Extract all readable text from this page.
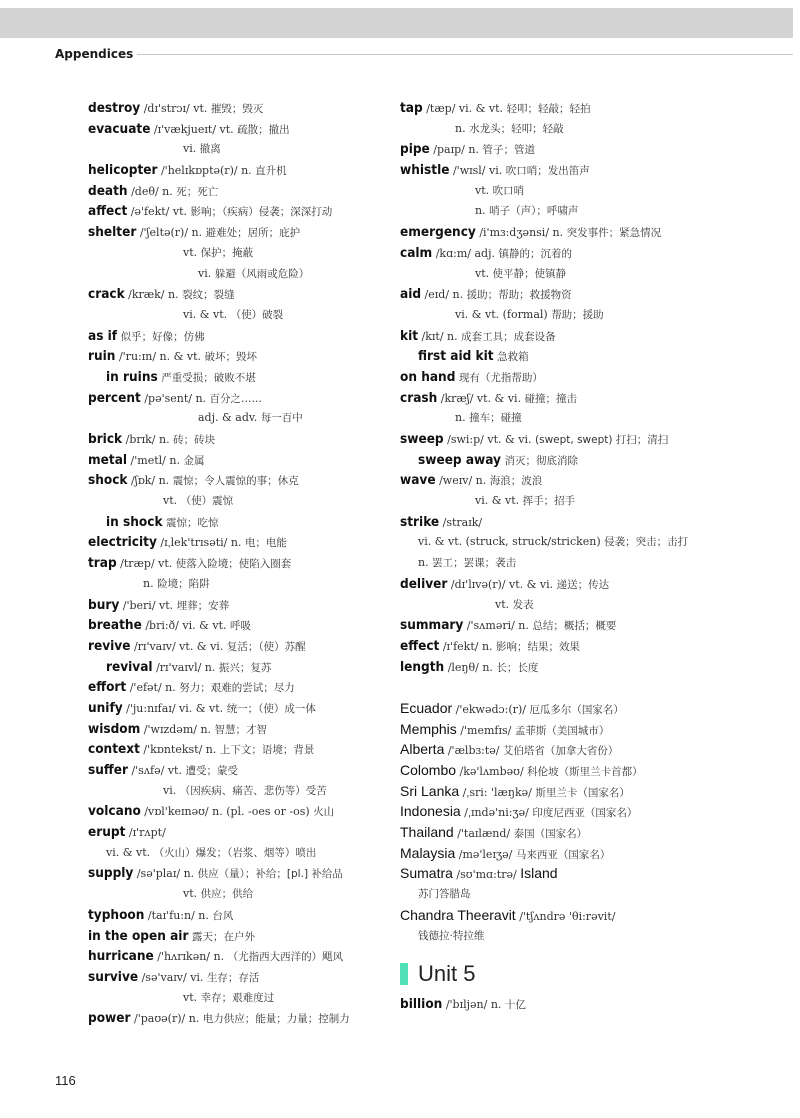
Appendices
destroy /dɪ'strɔɪ/ vt. 摧毁；毁灭
evacuate /ɪ'vækjueɪt/ vt. 疏散；撤出
vi. 撤离
helicopter /'helɪkɒptə(r)/ n. 直升机
death /deθ/ n. 死；死亡
affect /ə'fekt/ vt. 影响；（疾病）侵袭；深深打动
shelter /'ʃeltə(r)/ n. 避难处；居所；庇护
vt. 保护；掩蔽
vi. 躲避（风雨或危险）
crack /kræk/ n. 裂纹；裂缝
vi. & vt. （使）破裂
as if 似乎；好像；仿佛
ruin /'ru:ɪn/ n. & vt. 破坏；毁坏
in ruins 严重受损；破败不堪
percent /pə'sent/ n. 百分之……
adj. & adv. 每一百中
brick /brɪk/ n. 砖；砖块
metal /'metl/ n. 金属
shock /ʃɒk/ n. 震惊；令人震惊的事；休克
vt. （使）震惊
in shock 震惊；吃惊
electricity /ɪˌlek'trɪsəti/ n. 电；电能
trap /træp/ vt. 使落入险境；使陷入圈套
n. 险境；陷阱
bury /'beri/ vt. 埋葬；安葬
breathe /bri:ð/ vi. & vt. 呼吸
revive /rɪ'vaɪv/ vt. & vi. 复活；（使）苏醒
revival /rɪ'vaɪvl/ n. 振兴；复苏
effort /'efət/ n. 努力；艰难的尝试；尽力
unify /'ju:nɪfaɪ/ vi. & vt. 统一；（使）成一体
wisdom /'wɪzdəm/ n. 智慧；才智
context /'kɒntekst/ n. 上下文；语境；背景
suffer /'sʌfə/ vt. 遭受；蒙受
vi. （因疾病、痛苦、悲伤等）受苦
volcano /vɒl'keɪnəʊ/ n. (pl. -oes or -os) 火山
erupt /ɪ'rʌpt/
vi. & vt. （火山）爆发；（岩浆、烟等）喷出
supply /sə'plaɪ/ n. 供应（量）；补给；[pl.] 补给品
vt. 供应；供给
typhoon /taɪ'fu:n/ n. 台风
in the open air 露天；在户外
hurricane /'hʌrɪkən/ n. （尤指西大西洋的）飓风
survive /sə'vaɪv/ vi. 生存；存活
vt. 幸存；艰难度过
power /'paʊə(r)/ n. 电力供应；能量；力量；控制力
tap /tæp/ vi. & vt. 轻叩；轻敲；轻拍
n. 水龙头；轻叩；轻敲
pipe /paɪp/ n. 管子；管道
whistle /'wɪsl/ vi. 吹口哨；发出笛声
vt. 吹口哨
n. 哨子（声）；呼啸声
emergency /i'mɜ:dʒənsi/ n. 突发事件；紧急情况
calm /kɑ:m/ adj. 镇静的；沉着的
vt. 使平静；使镇静
aid /eɪd/ n. 援助；帮助；救援物资
vi. & vt. (formal) 帮助；援助
kit /kɪt/ n. 成套工具；成套设备
first aid kit 急救箱
on hand 现有（尤指帮助）
crash /kræʃ/ vt. & vi. 碰撞；撞击
n. 撞车；碰撞
sweep /swi:p/ vt. & vi. (swept, swept) 打扫；清扫
sweep away 消灭；彻底消除
wave /weɪv/ n. 海浪；波浪
vi. & vt. 挥手；招手
strike /straɪk/
vi. & vt. (struck, struck/stricken) 侵袭；突击；击打
n. 罢工；罢课；袭击
deliver /dɪ'lɪvə(r)/ vt. & vi. 递送；传达
vt. 发表
summary /'sʌməri/ n. 总结；概括；概要
effect /ɪ'fekt/ n. 影响；结果；效果
length /leŋθ/ n. 长；长度
Ecuador /'ekwədɔ:(r)/ 厄瓜多尔（国家名）
Memphis /'memfɪs/ 孟菲斯（美国城市）
Alberta /'ælbɜ:tə/ 艾伯塔省（加拿大省份）
Colombo /kə'lʌmbəʊ/ 科伦坡（斯里兰卡首都）
Sri Lanka /ˌsri: 'læŋkə/ 斯里兰卡（国家名）
Indonesia /ˌɪndə'ni:ʒə/ 印度尼西亚（国家名）
Thailand /'taɪlænd/ 泰国（国家名）
Malaysia /mə'leɪʒə/ 马来西亚（国家名）
Sumatra /sʊ'mɑ:trə/ Island
苏门答腊岛
Chandra Theeravit /'tʃʌndrə 'θi:rəvit/
钱德拉·特拉维
Unit 5
billion /'bɪljən/ n. 十亿
116
